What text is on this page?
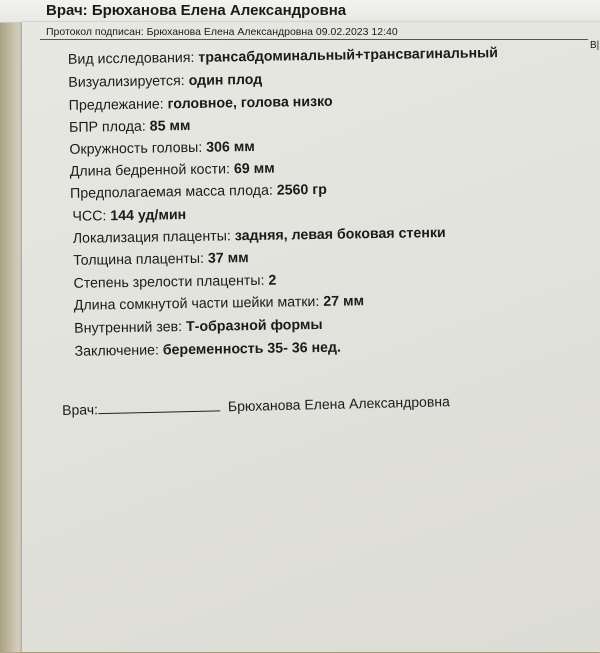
Врач: Брюханова Елена Александровна
Протокол подписан: Брюханова Елена Александровна 09.02.2023 12:40
В|
Вид исследования: трансабдоминальный+трансвагинальный
Визуализируется: один плод
Предлежание: головное, голова низко
БПР плода: 85 мм
Окружность головы: 306 мм
Длина бедренной кости: 69 мм
Предполагаемая масса плода: 2560 гр
ЧСС: 144 уд/мин
Локализация плаценты: задняя, левая боковая стенки
Толщина плаценты: 37 мм
Степень зрелости плаценты: 2
Длина сомкнутой части шейки матки: 27 мм
Внутренний зев: Т-образной формы
Заключение: беременность 35- 36 нед.
Врач:	Брюханова Елена Александровна
